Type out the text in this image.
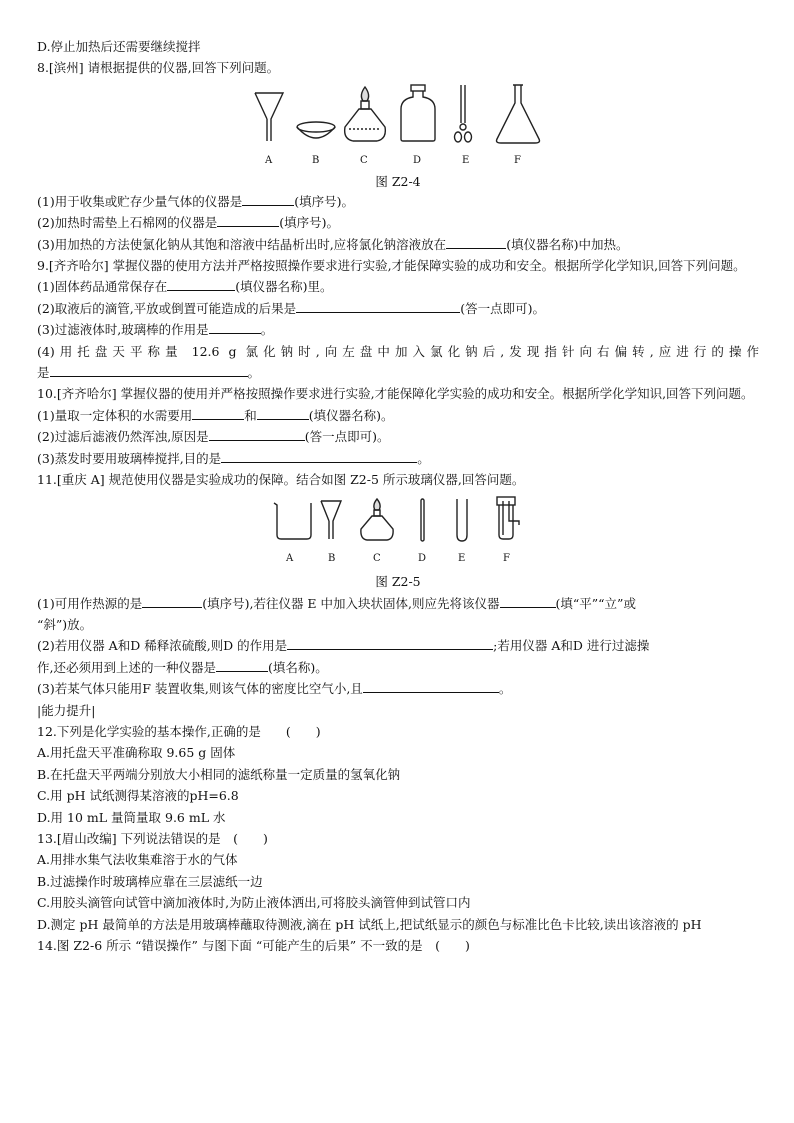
D.停止加热后还需要继续搅拌
8.[滨州] 请根据提供的仪器,回答下列问题。
A	B	C	D	E	F
图 Z2-4
(1)用于收集或贮存少量气体的仪器是	(填序号)。
(2)加热时需垫上石棉网的仪器是	(填序号)。
(3)用加热的方法使氯化钠从其饱和溶液中结晶析出时,应将氯化钠溶液放在	(填仪器名称)中加热。
9.[齐齐哈尔] 掌握仪器的使用方法并严格按照操作要求进行实验,才能保障实验的成功和安全。根据所学化学知识,回答下列问题。
(1)固体药品通常保存在	(填仪器名称)里。
(2)取液后的滴管,平放或倒置可能造成的后果是	(答一点即可)。
(3)过滤液体时,玻璃棒的作用是	。
(4)用托盘天平称量 12.6 g 氯化钠时,向左盘中加入氯化钠后,发现指针向右偏转,应进行的操作
是	。
10.[齐齐哈尔] 掌握仪器的使用并严格按照操作要求进行实验,才能保障化学实验的成功和安全。根据所学化学知识,回答下列问题。
(1)量取一定体积的水需要用	和	(填仪器名称)。
(2)过滤后滤液仍然浑浊,原因是	(答一点即可)。
(3)蒸发时要用玻璃棒搅拌,目的是	。
11.[重庆 A] 规范使用仪器是实验成功的保障。结合如图 Z2-5 所示玻璃仪器,回答问题。
A	B	C	D	E	F
图 Z2-5
(1)可用作热源的是	(填序号),若往仪器 E 中加入块状固体,则应先将该仪器	(填“平”“立”或
“斜”)放。
(2)若用仪器 A和D 稀释浓硫酸,则D 的作用是	;若用仪器 A和D 进行过滤操
作,还必须用到上述的一种仪器是	(填名称)。
(3)若某气体只能用F 装置收集,则该气体的密度比空气小,且	。
|能力提升|
12.下列是化学实验的基本操作,正确的是　　(　　)
A.用托盘天平准确称取 9.65 g 固体
B.在托盘天平两端分别放大小相同的滤纸称量一定质量的氢氧化钠
C.用 pH 试纸测得某溶液的pH=6.8
D.用 10 mL 量筒量取 9.6 mL 水
13.[眉山改编] 下列说法错误的是　(　　)
A.用排水集气法收集难溶于水的气体
B.过滤操作时玻璃棒应靠在三层滤纸一边
C.用胶头滴管向试管中滴加液体时,为防止液体洒出,可将胶头滴管伸到试管口内
D.测定 pH 最简单的方法是用玻璃棒蘸取待测液,滴在 pH 试纸上,把试纸显示的颜色与标准比色卡比较,读出该溶液的 pH
14.图 Z2-6 所示 “错误操作” 与图下面 “可能产生的后果” 不一致的是　(　　)
